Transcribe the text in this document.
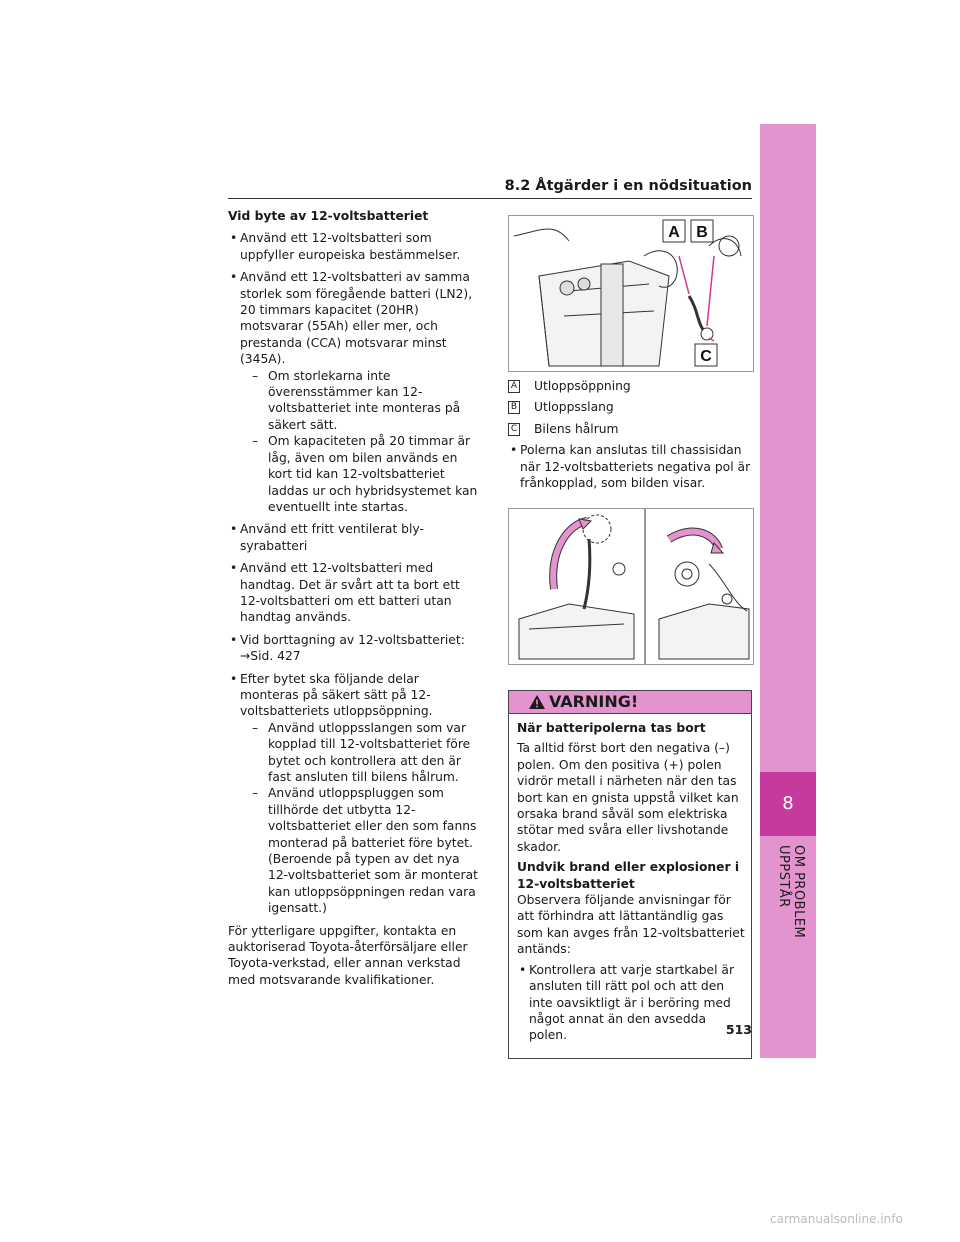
8.2 Åtgärder i en nödsituation
8
OM PROBLEM UPPSTÅR
Vid byte av 12-voltsbatteriet
• Använd ett 12-voltsbatteri som uppfyller europeiska bestämmelser.
• Använd ett 12-voltsbatteri av samma storlek som föregående batteri (LN2), 20 timmars kapacitet (20HR) motsvarar (55Ah) eller mer, och prestanda (CCA) motsvarar minst (345A).
– Om storlekarna inte överensstämmer kan 12-voltsbatteriet inte monteras på säkert sätt.
– Om kapaciteten på 20 timmar är låg, även om bilen används en kort tid kan 12-voltsbatteriet laddas ur och hybridsystemet kan eventuellt inte startas.
• Använd ett fritt ventilerat bly-syrabatteri
• Använd ett 12-voltsbatteri med handtag. Det är svårt att ta bort ett 12-voltsbatteri om ett batteri utan handtag används.
• Vid borttagning av 12-voltsbatteriet: →Sid. 427
• Efter bytet ska följande delar monteras på säkert sätt på 12-voltsbatteriets utloppsöppning.
– Använd utloppsslangen som var kopplad till 12-voltsbatteriet före bytet och kontrollera att den är fast ansluten till bilens hålrum.
– Använd utloppspluggen som tillhörde det utbytta 12-voltsbatteriet eller den som fanns monterad på batteriet före bytet. (Beroende på typen av det nya 12-voltsbatteriet som är monterat kan utloppsöppningen redan vara igensatt.)
För ytterligare uppgifter, kontakta en auktoriserad Toyota-återförsäljare eller Toyota-verkstad, eller annan verkstad med motsvarande kvalifikationer.
A B
C
A Utloppsöppning
B Utloppsslang
C Bilens hålrum
• Polerna kan anslutas till chassisidan när 12-voltsbatteriets negativa pol är frånkopplad, som bilden visar.
VARNING!
När batteripolerna tas bort
Ta alltid först bort den negativa (–) polen. Om den positiva (+) polen vidrör metall i närheten när den tas bort kan en gnista uppstå vilket kan orsaka brand såväl som elektriska stötar med svåra eller livshotande skador.
Undvik brand eller explosioner i 12-voltsbatteriet
Observera följande anvisningar för att förhindra att lättantändlig gas som kan avges från 12-voltsbatteriet antänds:
• Kontrollera att varje startkabel är ansluten till rätt pol och att den inte oavsiktligt är i beröring med något annat än den avsedda polen.	513
carmanualsonline.info
